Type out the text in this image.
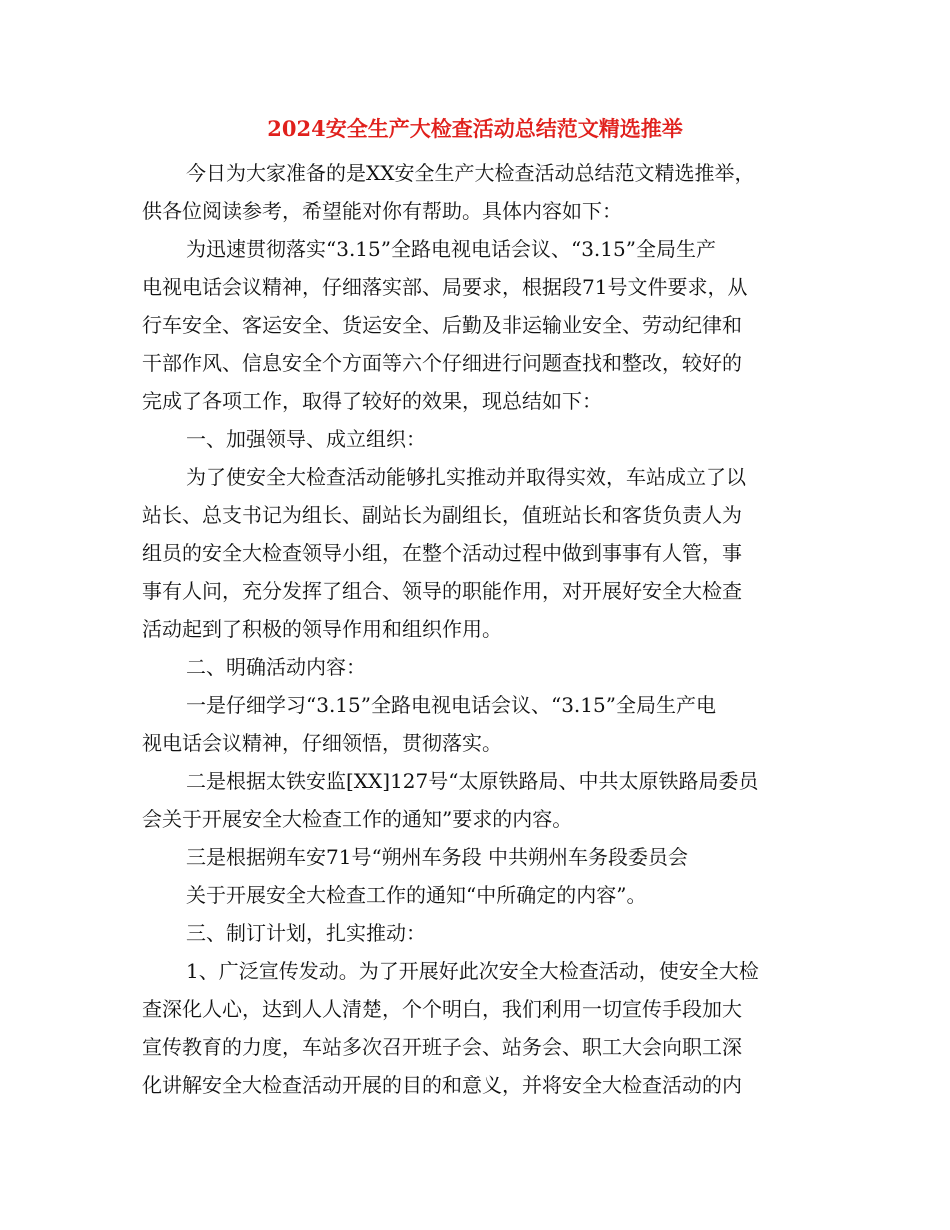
2024安全生产大检查活动总结范文精选推举

今日为大家准备的是XX安全生产大检查活动总结范文精选推举，

供各位阅读参考，希望能对你有帮助。具体内容如下：

为迅速贯彻落实“3.15”全路电视电话会议、“3.15”全局生产

电视电话会议精神，仔细落实部、局要求，根据段71号文件要求，从

行车安全、客运安全、货运安全、后勤及非运输业安全、劳动纪律和

干部作风、信息安全个方面等六个仔细进行问题查找和整改，较好的

完成了各项工作，取得了较好的效果，现总结如下：

一、加强领导、成立组织：

为了使安全大检查活动能够扎实推动并取得实效，车站成立了以

站长、总支书记为组长、副站长为副组长，值班站长和客货负责人为

组员的安全大检查领导小组，在整个活动过程中做到事事有人管，事

事有人问，充分发挥了组合、领导的职能作用，对开展好安全大检查

活动起到了积极的领导作用和组织作用。

二、明确活动内容：

一是仔细学习“3.15”全路电视电话会议、“3.15”全局生产电

视电话会议精神，仔细领悟，贯彻落实。

二是根据太铁安监[XX]127号“太原铁路局、中共太原铁路局委员

会关于开展安全大检查工作的通知”要求的内容。

三是根据朔车安71号“朔州车务段 中共朔州车务段委员会

关于开展安全大检查工作的通知“中所确定的内容”。

三、制订计划，扎实推动：

1、广泛宣传发动。为了开展好此次安全大检查活动，使安全大检

查深化人心，达到人人清楚，个个明白，我们利用一切宣传手段加大

宣传教育的力度，车站多次召开班子会、站务会、职工大会向职工深

化讲解安全大检查活动开展的目的和意义，并将安全大检查活动的内
